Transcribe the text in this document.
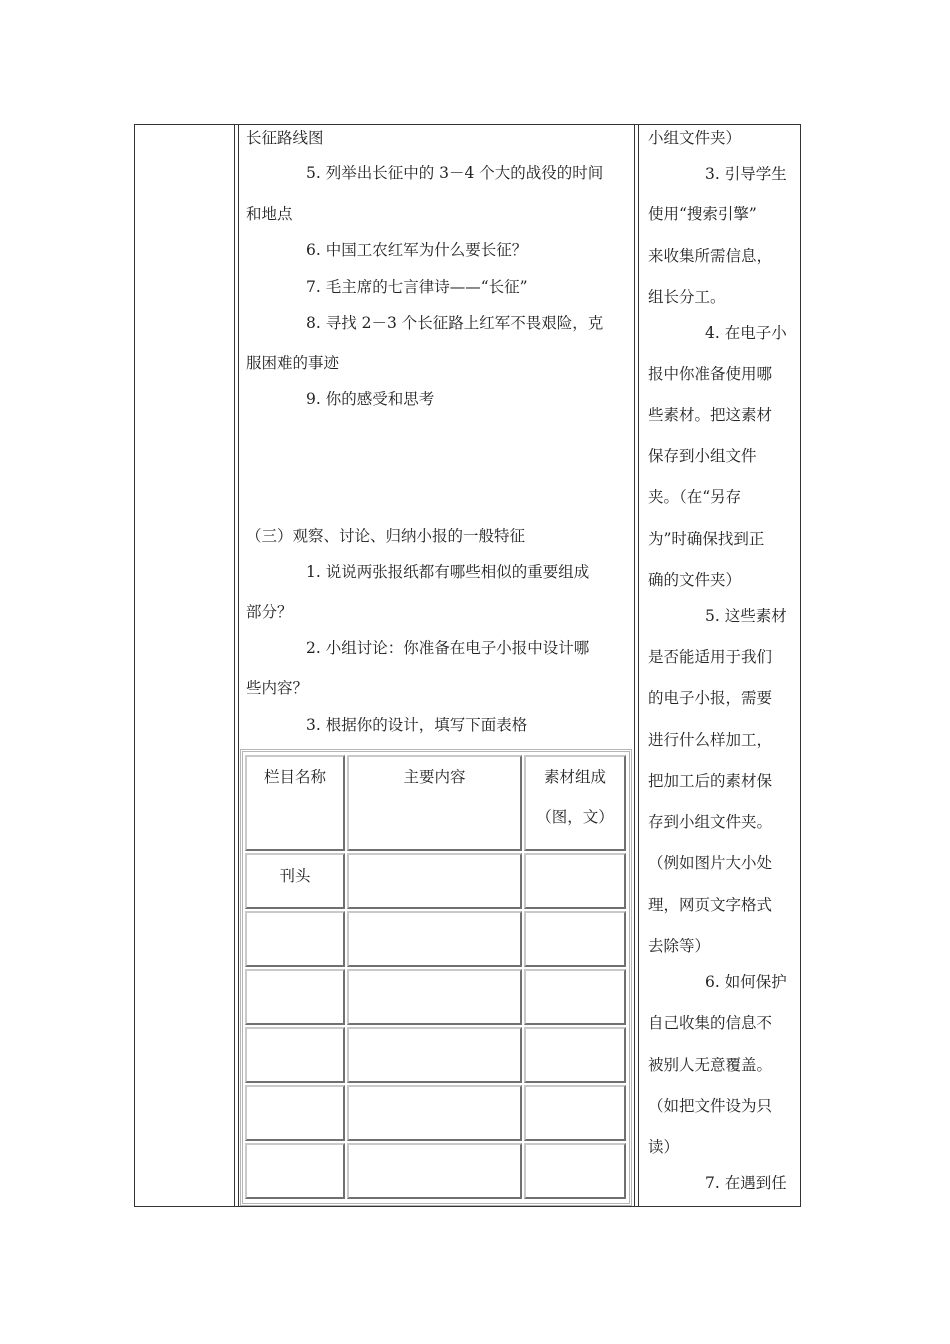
长征路线图
5. 列举出长征中的 3－4 个大的战役的时间
和地点
6. 中国工农红军为什么要长征？
7. 毛主席的七言律诗——“长征”
8. 寻找 2－3 个长征路上红军不畏艰险，克
服困难的事迹
9. 你的感受和思考
（三）观察、讨论、归纳小报的一般特征
1. 说说两张报纸都有哪些相似的重要组成
部分？
2. 小组讨论：你准备在电子小报中设计哪
些内容？
3. 根据你的设计，填写下面表格
栏目名称	主要内容	素材组成
（图，文）
刊头
小组文件夹）
3. 引导学生
使用“搜索引擎”
来收集所需信息，
组长分工。
4. 在电子小
报中你准备使用哪
些素材。把这素材
保存到小组文件
夹。（在“另存
为”时确保找到正
确的文件夹）
5. 这些素材
是否能适用于我们
的电子小报，需要
进行什么样加工，
把加工后的素材保
存到小组文件夹。
（例如图片大小处
理，网页文字格式
去除等）
6. 如何保护
自己收集的信息不
被别人无意覆盖。
（如把文件设为只
读）
7. 在遇到任
